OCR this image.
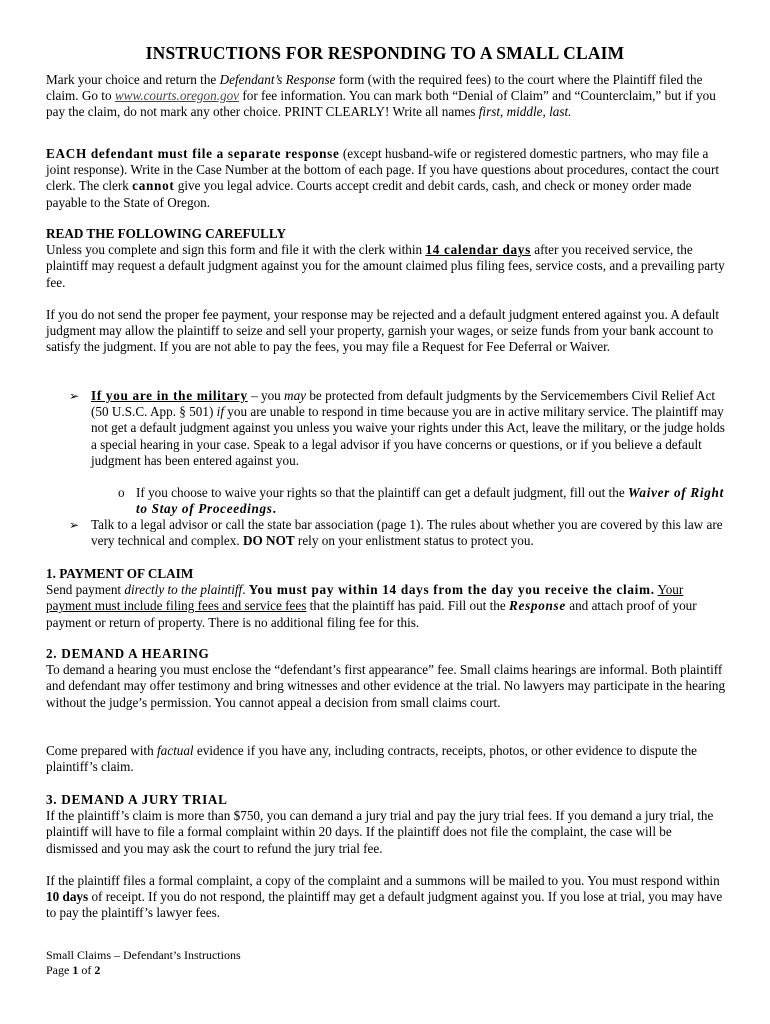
INSTRUCTIONS FOR RESPONDING TO A SMALL CLAIM

Mark your choice and return the Defendant’s Response form (with the required fees) to the court where the Plaintiff filed the claim. Go to www.courts.oregon.gov for fee information. You can mark both “Denial of Claim” and “Counterclaim,” but if you pay the claim, do not mark any other choice. PRINT CLEARLY! Write all names first, middle, last.

EACH defendant must file a separate response (except husband-wife or registered domestic partners, who may file a joint response). Write in the Case Number at the bottom of each page. If you have questions about procedures, contact the court clerk. The clerk cannot give you legal advice. Courts accept credit and debit cards, cash, and check or money order made payable to the State of Oregon.

READ THE FOLLOWING CAREFULLY

Unless you complete and sign this form and file it with the clerk within 14 calendar days after you received service, the plaintiff may request a default judgment against you for the amount claimed plus filing fees, service costs, and a prevailing party fee.

If you do not send the proper fee payment, your response may be rejected and a default judgment entered against you. A default judgment may allow the plaintiff to seize and sell your property, garnish your wages, or seize funds from your bank account to satisfy the judgment. If you are not able to pay the fees, you may file a Request for Fee Deferral or Waiver.

➢ If you are in the military – you may be protected from default judgments by the Servicemembers Civil Relief Act (50 U.S.C. App. § 501) if you are unable to respond in time because you are in active military service. The plaintiff may not get a default judgment against you unless you waive your rights under this Act, leave the military, or the judge holds a special hearing in your case. Speak to a legal advisor if you have concerns or questions, or if you believe a default judgment has been entered against you.

o If you choose to waive your rights so that the plaintiff can get a default judgment, fill out the Waiver of Right to Stay of Proceedings.

➢ Talk to a legal advisor or call the state bar association (page 1). The rules about whether you are covered by this law are very technical and complex. DO NOT rely on your enlistment status to protect you.

1. PAYMENT OF CLAIM

Send payment directly to the plaintiff. You must pay within 14 days from the day you receive the claim. Your payment must include filing fees and service fees that the plaintiff has paid. Fill out the Response and attach proof of your payment or return of property. There is no additional filing fee for this.

2. DEMAND A HEARING

To demand a hearing you must enclose the “defendant’s first appearance” fee. Small claims hearings are informal. Both plaintiff and defendant may offer testimony and bring witnesses and other evidence at the trial. No lawyers may participate in the hearing without the judge’s permission. You cannot appeal a decision from small claims court.

Come prepared with factual evidence if you have any, including contracts, receipts, photos, or other evidence to dispute the plaintiff’s claim.

3. DEMAND A JURY TRIAL

If the plaintiff’s claim is more than $750, you can demand a jury trial and pay the jury trial fees. If you demand a jury trial, the plaintiff will have to file a formal complaint within 20 days. If the plaintiff does not file the complaint, the case will be dismissed and you may ask the court to refund the jury trial fee.

If the plaintiff files a formal complaint, a copy of the complaint and a summons will be mailed to you. You must respond within 10 days of receipt. If you do not respond, the plaintiff may get a default judgment against you. If you lose at trial, you may have to pay the plaintiff’s lawyer fees.

Small Claims – Defendant’s Instructions
Page 1 of 2
